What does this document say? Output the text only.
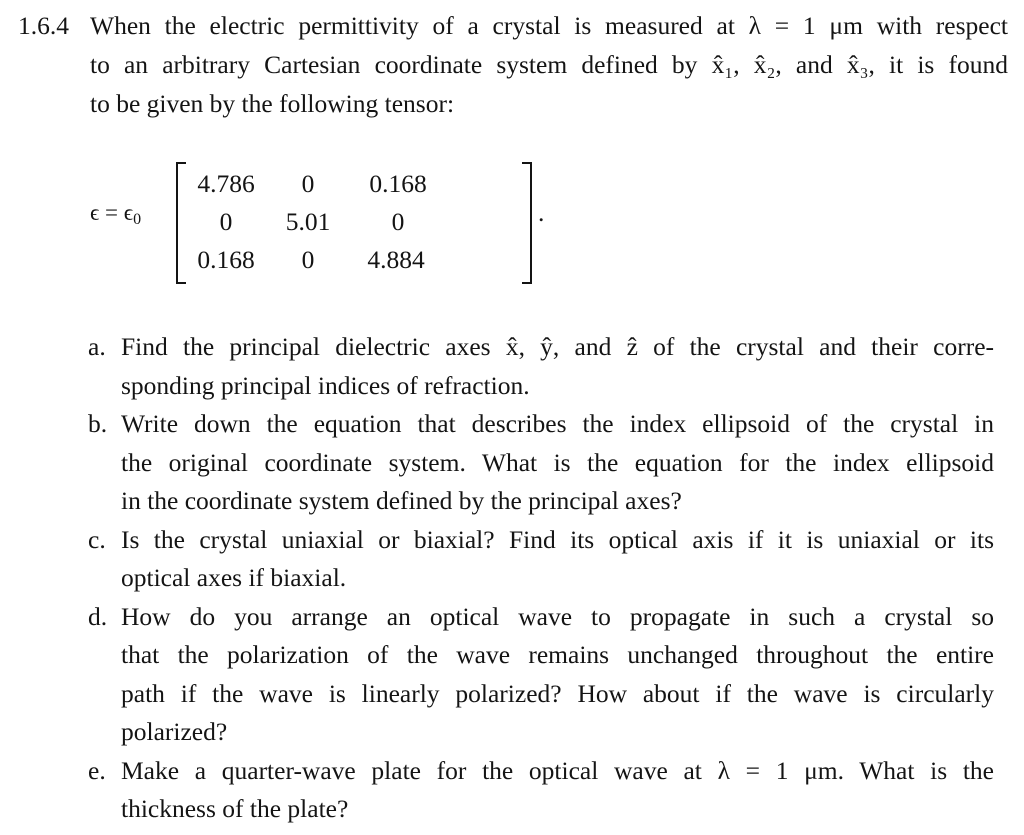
1.6.4 When the electric permittivity of a crystal is measured at λ = 1 μm with respect
to an arbitrary Cartesian coordinate system defined by x̂₁, x̂₂, and x̂₃, it is found
to be given by the following tensor:
$\epsilon = \epsilon_0$
4.786	0	0.168
0	5.01	0
0.168	0	4.884
.
a. Find the principal dielectric axes x̂, ŷ, and ẑ of the crystal and their corre-
sponding principal indices of refraction.
b. Write down the equation that describes the index ellipsoid of the crystal in
the original coordinate system. What is the equation for the index ellipsoid
in the coordinate system defined by the principal axes?
c. Is the crystal uniaxial or biaxial? Find its optical axis if it is uniaxial or its
optical axes if biaxial.
d. How do you arrange an optical wave to propagate in such a crystal so
that the polarization of the wave remains unchanged throughout the entire
path if the wave is linearly polarized? How about if the wave is circularly
polarized?
e. Make a quarter-wave plate for the optical wave at λ = 1 μm. What is the
thickness of the plate?
